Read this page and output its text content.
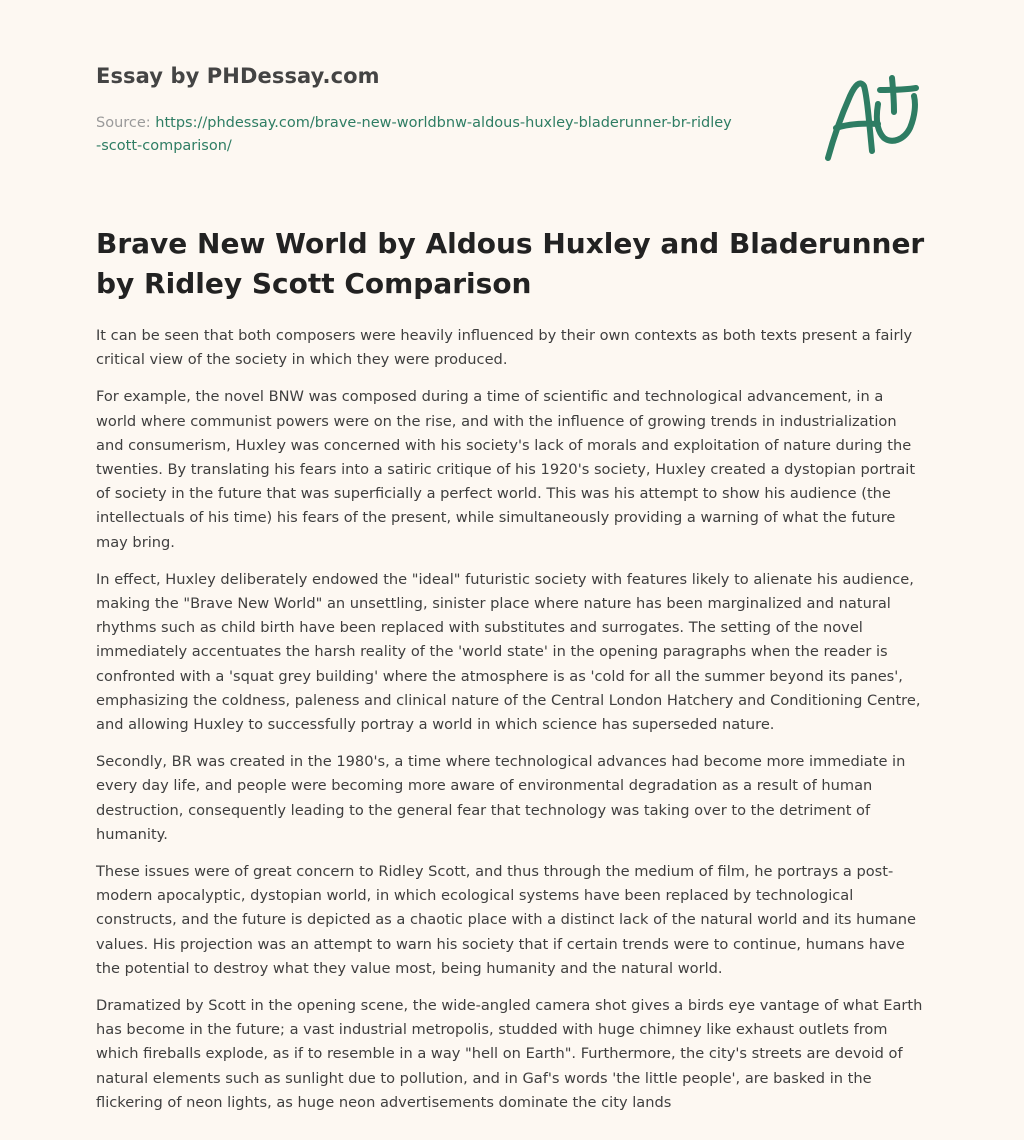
Essay by PHDessay.com
Source: https://phdessay.com/brave-new-worldbnw-aldous-huxley-bladerunner-br-ridley-scott-comparison/
Brave New World by Aldous Huxley and Bladerunner by Ridley Scott Comparison

It can be seen that both composers were heavily influenced by their own contexts as both texts present a fairly critical view of the society in which they were produced.

For example, the novel BNW was composed during a time of scientific and technological advancement, in a world where communist powers were on the rise, and with the influence of growing trends in industrialization and consumerism, Huxley was concerned with his society's lack of morals and exploitation of nature during the twenties. By translating his fears into a satiric critique of his 1920's society, Huxley created a dystopian portrait of society in the future that was superficially a perfect world. This was his attempt to show his audience (the intellectuals of his time) his fears of the present, while simultaneously providing a warning of what the future may bring.

In effect, Huxley deliberately endowed the "ideal" futuristic society with features likely to alienate his audience, making the "Brave New World" an unsettling, sinister place where nature has been marginalized and natural rhythms such as child birth have been replaced with substitutes and surrogates. The setting of the novel immediately accentuates the harsh reality of the 'world state' in the opening paragraphs when the reader is confronted with a 'squat grey building' where the atmosphere is as 'cold for all the summer beyond its panes', emphasizing the coldness, paleness and clinical nature of the Central London Hatchery and Conditioning Centre, and allowing Huxley to successfully portray a world in which science has superseded nature.

Secondly, BR was created in the 1980's, a time where technological advances had become more immediate in every day life, and people were becoming more aware of environmental degradation as a result of human destruction, consequently leading to the general fear that technology was taking over to the detriment of humanity.

These issues were of great concern to Ridley Scott, and thus through the medium of film, he portrays a post-modern apocalyptic, dystopian world, in which ecological systems have been replaced by technological constructs, and the future is depicted as a chaotic place with a distinct lack of the natural world and its humane values. His projection was an attempt to warn his society that if certain trends were to continue, humans have the potential to destroy what they value most, being humanity and the natural world.

Dramatized by Scott in the opening scene, the wide-angled camera shot gives a birds eye vantage of what Earth has become in the future; a vast industrial metropolis, studded with huge chimney like exhaust outlets from which fireballs explode, as if to resemble in a way "hell on Earth". Furthermore, the city's streets are devoid of natural elements such as sunlight due to pollution, and in Gaf's words 'the little people', are basked in the flickering of neon lights, as huge neon advertisements dominate the city lands
